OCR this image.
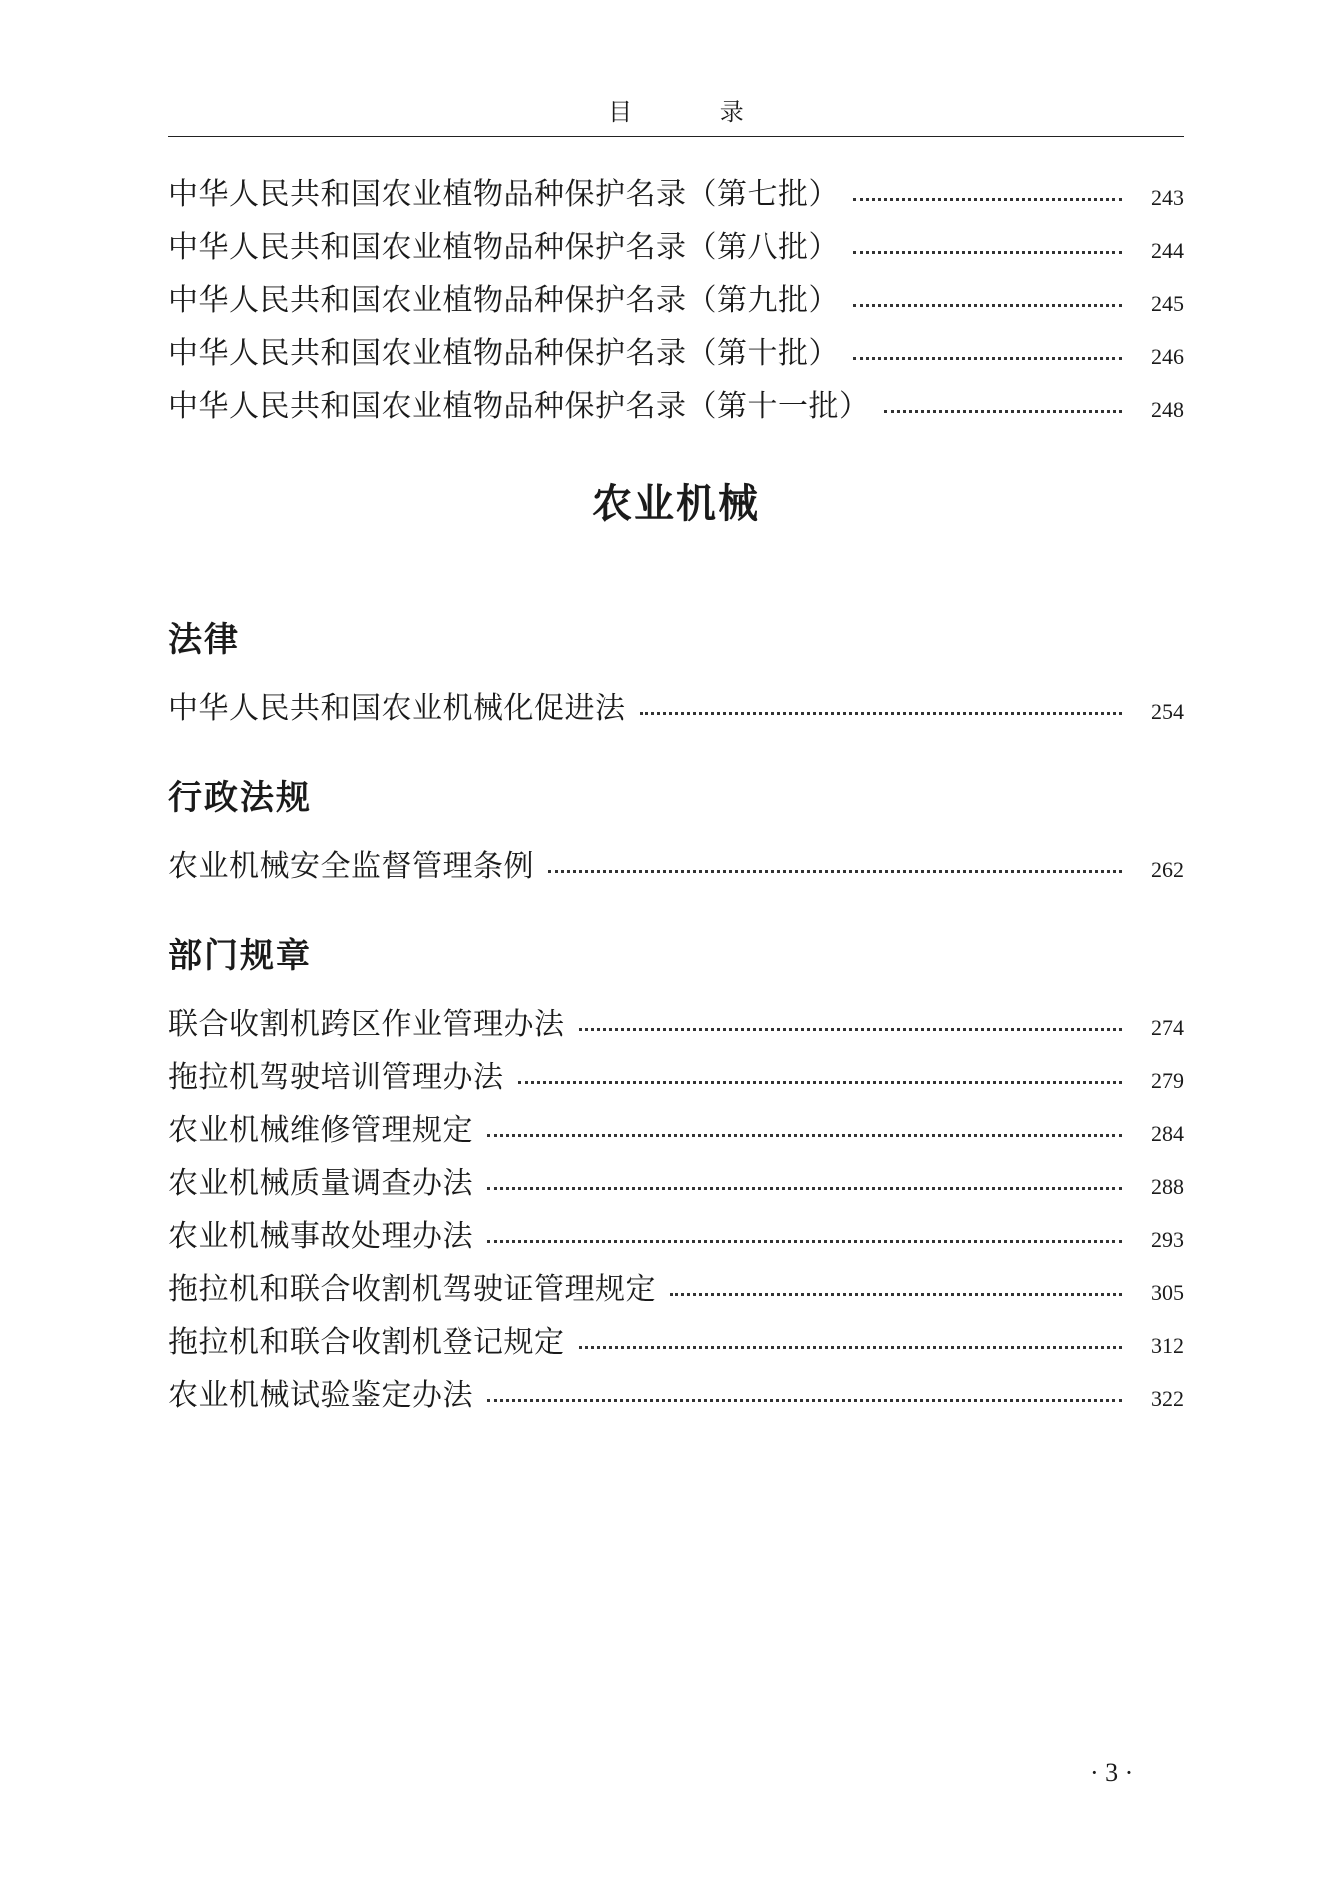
目 录
中华人民共和国农业植物品种保护名录（第七批）	243
中华人民共和国农业植物品种保护名录（第八批）	244
中华人民共和国农业植物品种保护名录（第九批）	245
中华人民共和国农业植物品种保护名录（第十批）	246
中华人民共和国农业植物品种保护名录（第十一批）	248
农业机械
法律
中华人民共和国农业机械化促进法	254
行政法规
农业机械安全监督管理条例	262
部门规章
联合收割机跨区作业管理办法	274
拖拉机驾驶培训管理办法	279
农业机械维修管理规定	284
农业机械质量调查办法	288
农业机械事故处理办法	293
拖拉机和联合收割机驾驶证管理规定	305
拖拉机和联合收割机登记规定	312
农业机械试验鉴定办法	322
· 3 ·
